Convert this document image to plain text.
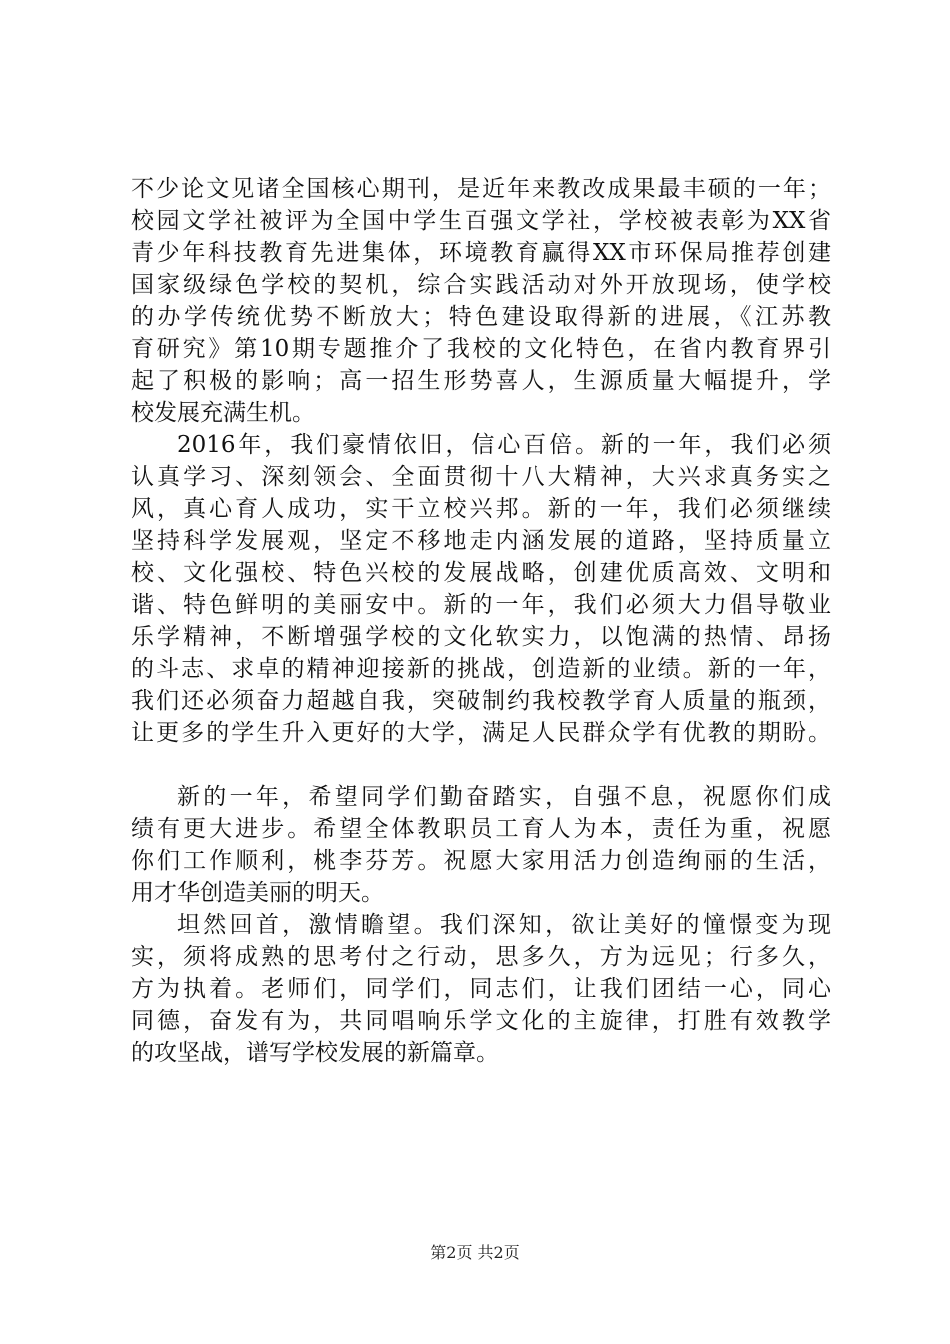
不少论文见诸全国核心期刊，是近年来教改成果最丰硕的一年；
校园文学社被评为全国中学生百强文学社，学校被表彰为XX省
青少年科技教育先进集体，环境教育赢得XX市环保局推荐创建
国家级绿色学校的契机，综合实践活动对外开放现场，使学校
的办学传统优势不断放大；特色建设取得新的进展，《江苏教
育研究》第10期专题推介了我校的文化特色，在省内教育界引
起了积极的影响；高一招生形势喜人，生源质量大幅提升，学
校发展充满生机。
2016年，我们豪情依旧，信心百倍。新的一年，我们必须
认真学习、深刻领会、全面贯彻十八大精神，大兴求真务实之
风，真心育人成功，实干立校兴邦。新的一年，我们必须继续
坚持科学发展观，坚定不移地走内涵发展的道路，坚持质量立
校、文化强校、特色兴校的发展战略，创建优质高效、文明和
谐、特色鲜明的美丽安中。新的一年，我们必须大力倡导敬业
乐学精神，不断增强学校的文化软实力，以饱满的热情、昂扬
的斗志、求卓的精神迎接新的挑战，创造新的业绩。新的一年，
我们还必须奋力超越自我，突破制约我校教学育人质量的瓶颈，
让更多的学生升入更好的大学，满足人民群众学有优教的期盼。
新的一年，希望同学们勤奋踏实，自强不息，祝愿你们成
绩有更大进步。希望全体教职员工育人为本，责任为重，祝愿
你们工作顺利，桃李芬芳。祝愿大家用活力创造绚丽的生活，
用才华创造美丽的明天。
坦然回首，激情瞻望。我们深知，欲让美好的憧憬变为现
实，须将成熟的思考付之行动，思多久，方为远见；行多久，
方为执着。老师们，同学们，同志们，让我们团结一心，同心
同德，奋发有为，共同唱响乐学文化的主旋律，打胜有效教学
的攻坚战，谱写学校发展的新篇章。
第2页 共2页
